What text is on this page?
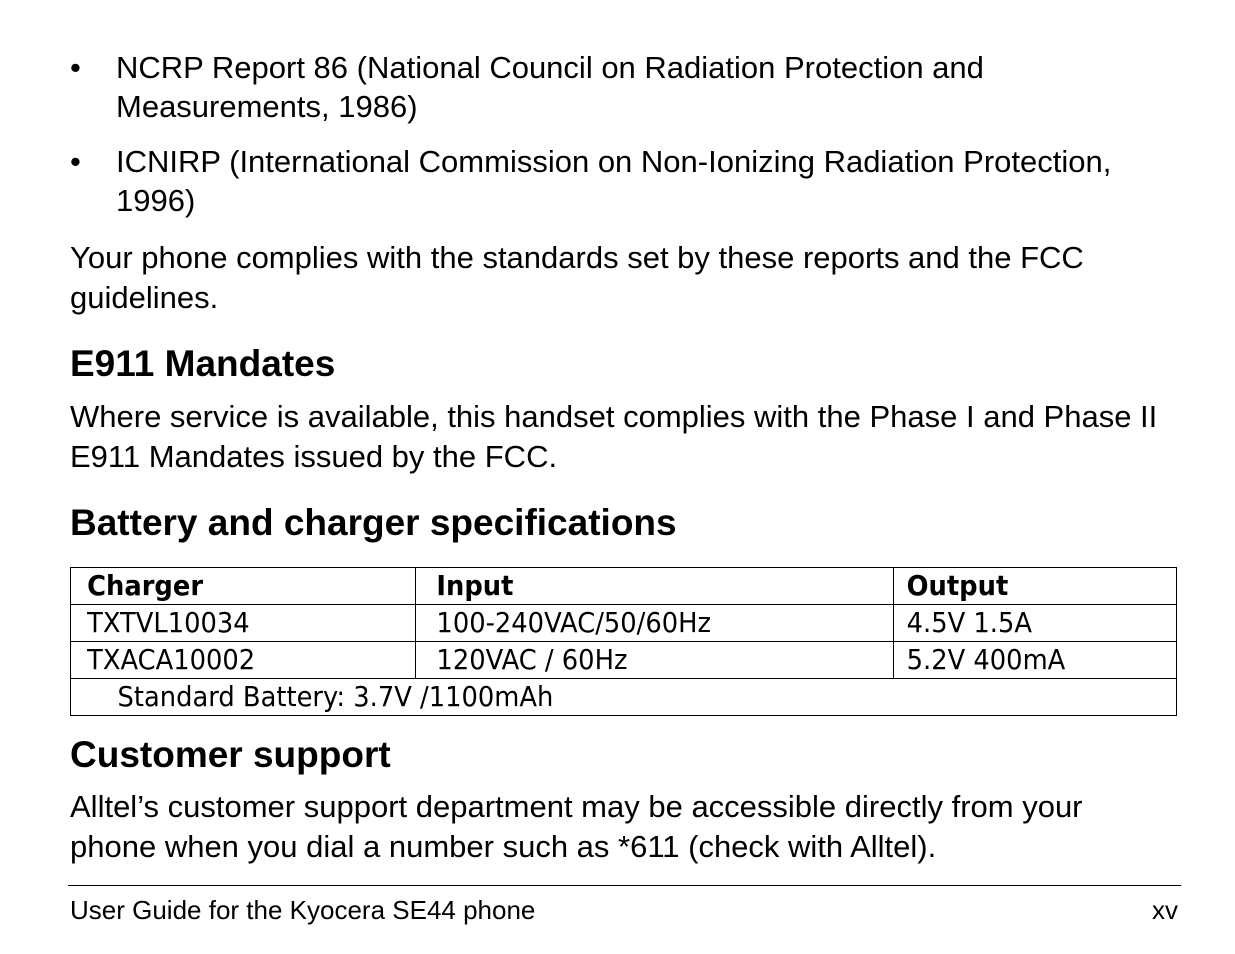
• NCRP Report 86 (National Council on Radiation Protection and Measurements, 1986)
• ICNIRP (International Commission on Non-Ionizing Radiation Protection, 1996)
Your phone complies with the standards set by these reports and the FCC guidelines.
E911 Mandates
Where service is available, this handset complies with the Phase I and Phase II E911 Mandates issued by the FCC.
Battery and charger specifications
Charger	Input	Output
TXTVL10034	100-240VAC/50/60Hz	4.5V 1.5A
TXACA10002	120VAC / 60Hz	5.2V 400mA
Standard Battery: 3.7V /1100mAh		
Customer support
Alltel’s customer support department may be accessible directly from your phone when you dial a number such as *611 (check with Alltel).
User Guide for the Kyocera SE44 phone	xv
